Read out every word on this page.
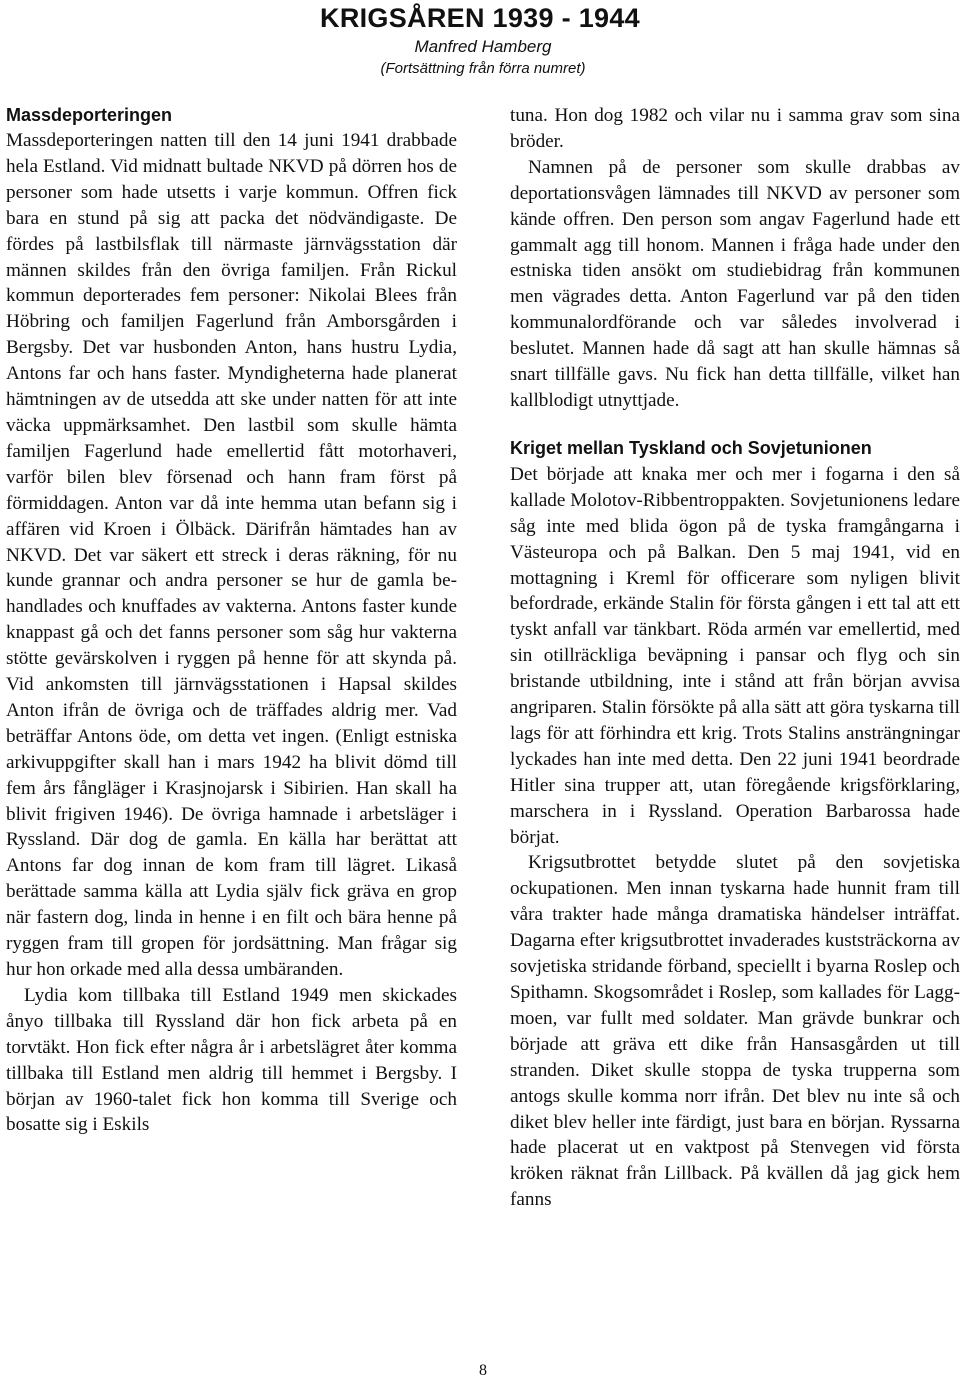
KRIGSÅREN 1939 - 1944
Manfred Hamberg
(Fortsättning från förra numret)
Massdeporteringen

Massdeporteringen natten till den 14 juni 1941 drabbade hela Estland. Vid midnatt bultade NKVD på dörren hos de personer som hade utsetts i varje kommun. Offren fick bara en stund på sig att packa det nödvändigaste. De fördes på lastbilsflak till närmaste järnvägsstation där männen skildes från den övriga familjen. Från Rickul kommun deporterades fem personer: Nikolai Blees från Höbring och familjen Fagerlund från Amborsgården i Bergsby. Det var husbonden Anton, hans hustru Lydia, Antons far och hans faster. Myndigheterna hade planerat hämtningen av de utsedda att ske under natten för att inte väcka uppmärksamhet. Den lastbil som skulle hämta familjen Fagerlund hade emellertid fått motorhaveri, varför bilen blev försenad och hann fram först på förmiddagen. Anton var då inte hemma utan befann sig i affären vid Kroen i Ölbäck. Därifrån hämtades han av NKVD. Det var säkert ett streck i deras räkning, för nu kunde grannar och andra personer se hur de gamla behandlades och knuffades av vakterna. Antons faster kunde knappast gå och det fanns personer som såg hur vakterna stötte gevärskolven i ryggen på henne för att skynda på. Vid ankomsten till järnvägsstationen i Hapsal skildes Anton ifrån de övriga och de träffades aldrig mer. Vad beträffar Antons öde, om detta vet ingen. (Enligt estniska arkivuppgifter skall han i mars 1942 ha blivit dömd till fem års fångläger i Krasjnojarsk i Sibirien. Han skall ha blivit frigiven 1946). De övriga hamnade i arbetsläger i Ryssland. Där dog de gamla. En källa har berättat att Antons far dog innan de kom fram till lägret. Likaså berättade samma källa att Lydia själv fick gräva en grop när fastern dog, linda in henne i en filt och bära henne på ryggen fram till gropen för jordsättning. Man frågar sig hur hon orkade med alla dessa umbäranden.

Lydia kom tillbaka till Estland 1949 men skickades ånyo tillbaka till Ryssland där hon fick arbeta på en torvtäkt. Hon fick efter några år i arbetslägret åter komma tillbaka till Estland men aldrig till hemmet i Bergsby. I början av 1960-talet fick hon komma till Sverige och bosatte sig i Eskils

tuna. Hon dog 1982 och vilar nu i samma grav som sina bröder.

Namnen på de personer som skulle drabbas av deportationsvågen lämnades till NKVD av personer som kände offren. Den person som angav Fagerlund hade ett gammalt agg till honom. Mannen i fråga hade under den estniska tiden ansökt om studiebidrag från kommunen men vägrades detta. Anton Fagerlund var på den tiden kommunalordförande och var således involverad i beslutet. Mannen hade då sagt att han skulle hämnas så snart tillfälle gavs. Nu fick han detta tillfälle, vilket han kallblodigt utnyttjade.

Kriget mellan Tyskland och Sovjetunionen

Det började att knaka mer och mer i fogarna i den så kallade Molotov-Ribbentroppakten. Sovjetunionens ledare såg inte med blida ögon på de tyska framgångarna i Västeuropa och på Balkan. Den 5 maj 1941, vid en mottagning i Kreml för officerare som nyligen blivit befordrade, erkände Stalin för första gången i ett tal att ett tyskt anfall var tänkbart. Röda armén var emellertid, med sin otillräckliga beväpning i pansar och flyg och sin bristande utbildning, inte i stånd att från början avvisa angriparen. Stalin försökte på alla sätt att göra tyskarna till lags för att förhindra ett krig. Trots Stalins ansträngningar lyckades han inte med detta. Den 22 juni 1941 beordrade Hitler sina trupper att, utan föregående krigsförklaring, marschera in i Ryssland. Operation Barbarossa hade börjat.

Krigsutbrottet betydde slutet på den sovjetiska ockupationen. Men innan tyskarna hade hunnit fram till våra trakter hade många dramatiska händelser inträffat. Dagarna efter krigsutbrottet invaderades kuststräckorna av sovjetiska stridande förband, speciellt i byarna Roslep och Spithamn. Skogsområdet i Roslep, som kallades för Laggmoen, var fullt med soldater. Man grävde bunkrar och började att gräva ett dike från Hansasgården ut till stranden. Diket skulle stoppa de tyska trupperna som antogs skulle komma norr ifrån. Det blev nu inte så och diket blev heller inte färdigt, just bara en början. Ryssarna hade placerat ut en vaktpost på Stenvegen vid första kröken räknat från Lillback. På kvällen då jag gick hem fanns

8
